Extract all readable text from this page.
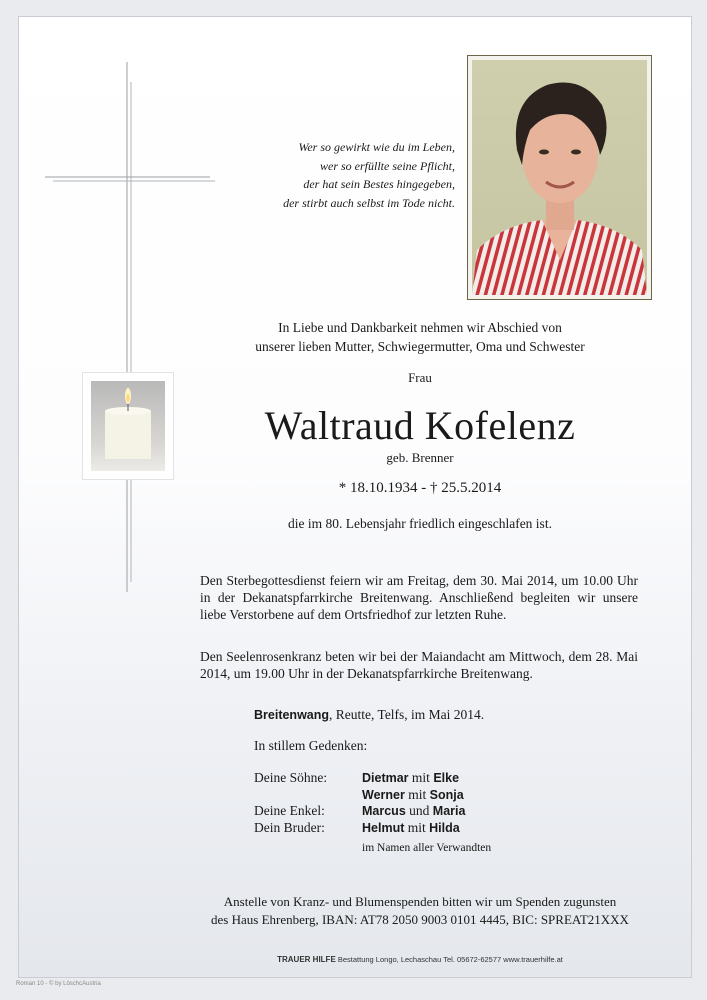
Wer so gewirkt wie du im Leben,
wer so erfüllte seine Pflicht,
der hat sein Bestes hingegeben,
der stirbt auch selbst im Tode nicht.
In Liebe und Dankbarkeit nehmen wir Abschied von
unserer lieben Mutter, Schwiegermutter, Oma und Schwester
Frau
Waltraud Kofelenz
geb. Brenner
* 18.10.1934 - † 25.5.2014
die im 80. Lebensjahr friedlich eingeschlafen ist.
Den Sterbegottesdienst feiern wir am Freitag, dem 30. Mai 2014, um 10.00 Uhr in der Dekanatspfarrkirche Breitenwang. Anschließend begleiten wir unsere liebe Verstorbene auf dem Ortsfriedhof zur letzten Ruhe.
Den Seelenrosenkranz beten wir bei der Maiandacht am Mittwoch, dem 28. Mai 2014, um 19.00 Uhr in der Dekanatspfarrkirche Breitenwang.
Breitenwang, Reutte, Telfs, im Mai 2014.
In stillem Gedenken:
Deine Söhne:

Deine Enkel:
Dein Bruder:
Dietmar mit Elke
Werner mit Sonja
Marcus und Maria
Helmut mit Hilda
im Namen aller Verwandten
Anstelle von Kranz- und Blumenspenden bitten wir um Spenden zugunsten
des Haus Ehrenberg, IBAN: AT78 2050 9003 0101 4445, BIC: SPREAT21XXX
TRAUER HILFE Bestattung Longo, Lechaschau Tel. 05672-62577 www.trauerhilfe.at
Roman 10 - © by LöschcAustria
